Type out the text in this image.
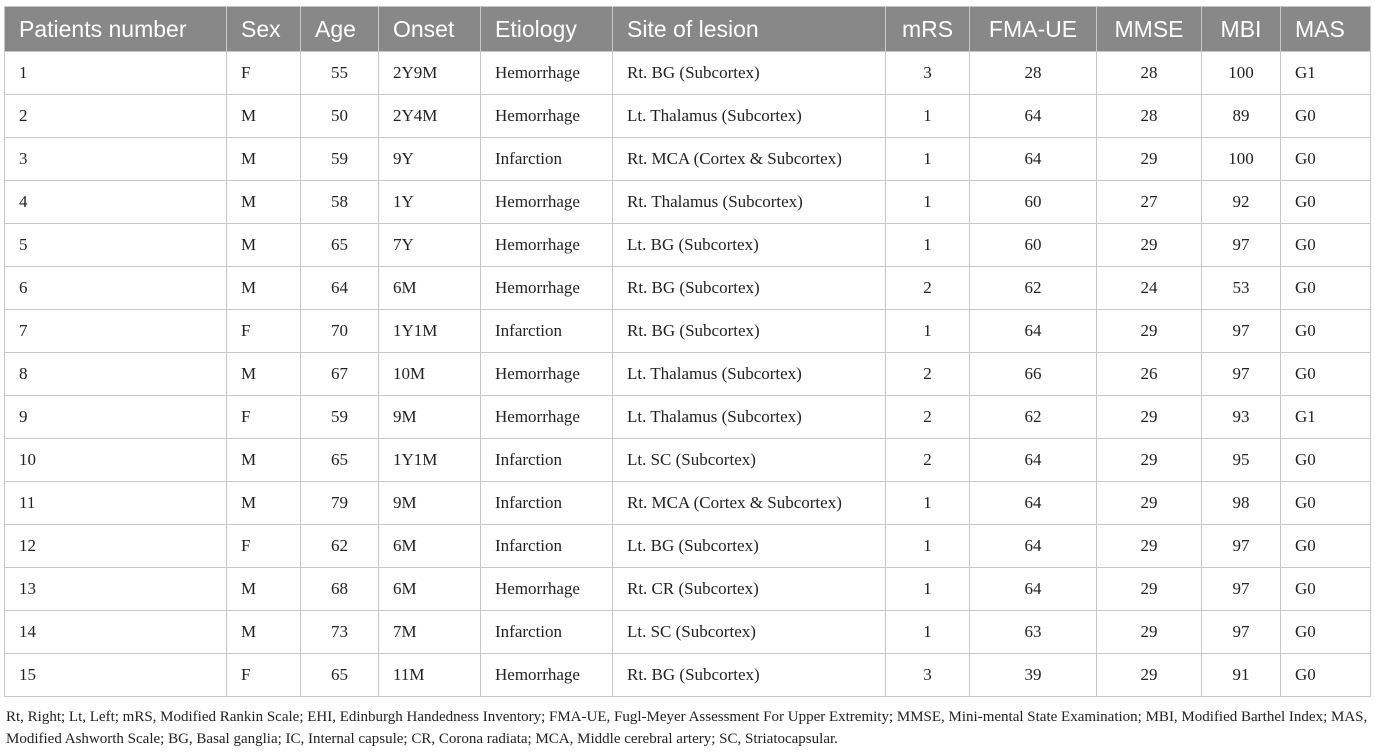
Patients number	Sex	Age	Onset	Etiology	Site of lesion	mRS	FMA-UE	MMSE	MBI	MAS
1	F	55	2Y9M	Hemorrhage	Rt. BG (Subcortex)	3	28	28	100	G1
2	M	50	2Y4M	Hemorrhage	Lt. Thalamus (Subcortex)	1	64	28	89	G0
3	M	59	9Y	Infarction	Rt. MCA (Cortex & Subcortex)	1	64	29	100	G0
4	M	58	1Y	Hemorrhage	Rt. Thalamus (Subcortex)	1	60	27	92	G0
5	M	65	7Y	Hemorrhage	Lt. BG (Subcortex)	1	60	29	97	G0
6	M	64	6M	Hemorrhage	Rt. BG (Subcortex)	2	62	24	53	G0
7	F	70	1Y1M	Infarction	Rt. BG (Subcortex)	1	64	29	97	G0
8	M	67	10M	Hemorrhage	Lt. Thalamus (Subcortex)	2	66	26	97	G0
9	F	59	9M	Hemorrhage	Lt. Thalamus (Subcortex)	2	62	29	93	G1
10	M	65	1Y1M	Infarction	Lt. SC (Subcortex)	2	64	29	95	G0
11	M	79	9M	Infarction	Rt. MCA (Cortex & Subcortex)	1	64	29	98	G0
12	F	62	6M	Infarction	Lt. BG (Subcortex)	1	64	29	97	G0
13	M	68	6M	Hemorrhage	Rt. CR (Subcortex)	1	64	29	97	G0
14	M	73	7M	Infarction	Lt. SC (Subcortex)	1	63	29	97	G0
15	F	65	11M	Hemorrhage	Rt. BG (Subcortex)	3	39	29	91	G0
Rt, Right; Lt, Left; mRS, Modified Rankin Scale; EHI, Edinburgh Handedness Inventory; FMA-UE, Fugl-Meyer Assessment For Upper Extremity; MMSE, Mini-mental State Examination; MBI, Modified Barthel Index; MAS, Modified Ashworth Scale; BG, Basal ganglia; IC, Internal capsule; CR, Corona radiata; MCA, Middle cerebral artery; SC, Striatocapsular.
